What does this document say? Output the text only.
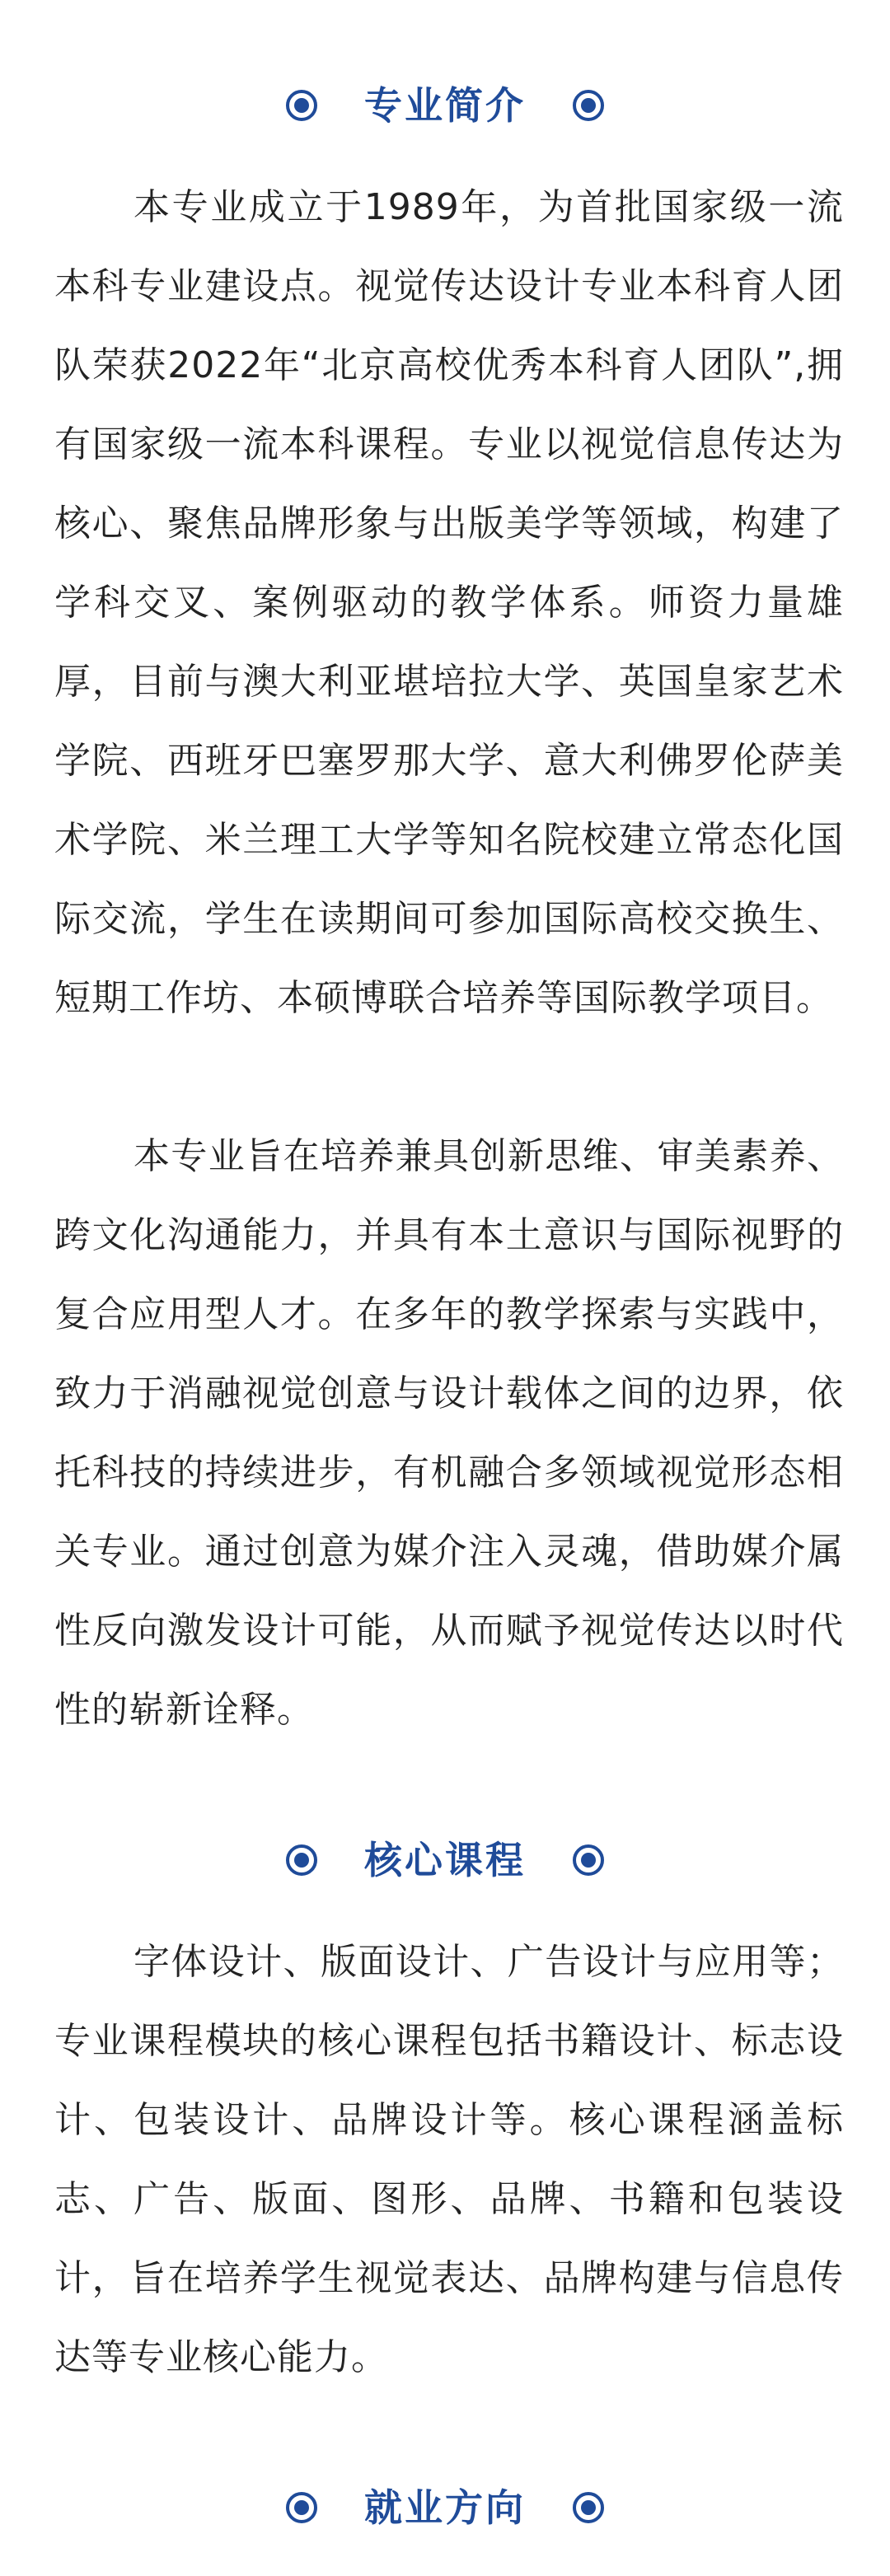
专业简介

本专业成立于1989年，为首批国家级一流本科专业建设点。视觉传达设计专业本科育人团队荣获2022年“北京高校优秀本科育人团队”,拥有国家级一流本科课程。专业以视觉信息传达为核心、聚焦品牌形象与出版美学等领域，构建了学科交叉、案例驱动的教学体系。师资力量雄厚，目前与澳大利亚堪培拉大学、英国皇家艺术学院、西班牙巴塞罗那大学、意大利佛罗伦萨美术学院、米兰理工大学等知名院校建立常态化国际交流，学生在读期间可参加国际高校交换生、短期工作坊、本硕博联合培养等国际教学项目。

本专业旨在培养兼具创新思维、审美素养、跨文化沟通能力，并具有本土意识与国际视野的复合应用型人才。在多年的教学探索与实践中，致力于消融视觉创意与设计载体之间的边界，依托科技的持续进步，有机融合多领域视觉形态相关专业。通过创意为媒介注入灵魂，借助媒介属性反向激发设计可能，从而赋予视觉传达以时代性的崭新诠释。

核心课程

字体设计、版面设计、广告设计与应用等；专业课程模块的核心课程包括书籍设计、标志设计、包装设计、品牌设计等。核心课程涵盖标志、广告、版面、图形、品牌、书籍和包装设计，旨在培养学生视觉表达、品牌构建与信息传达等专业核心能力。

就业方向
